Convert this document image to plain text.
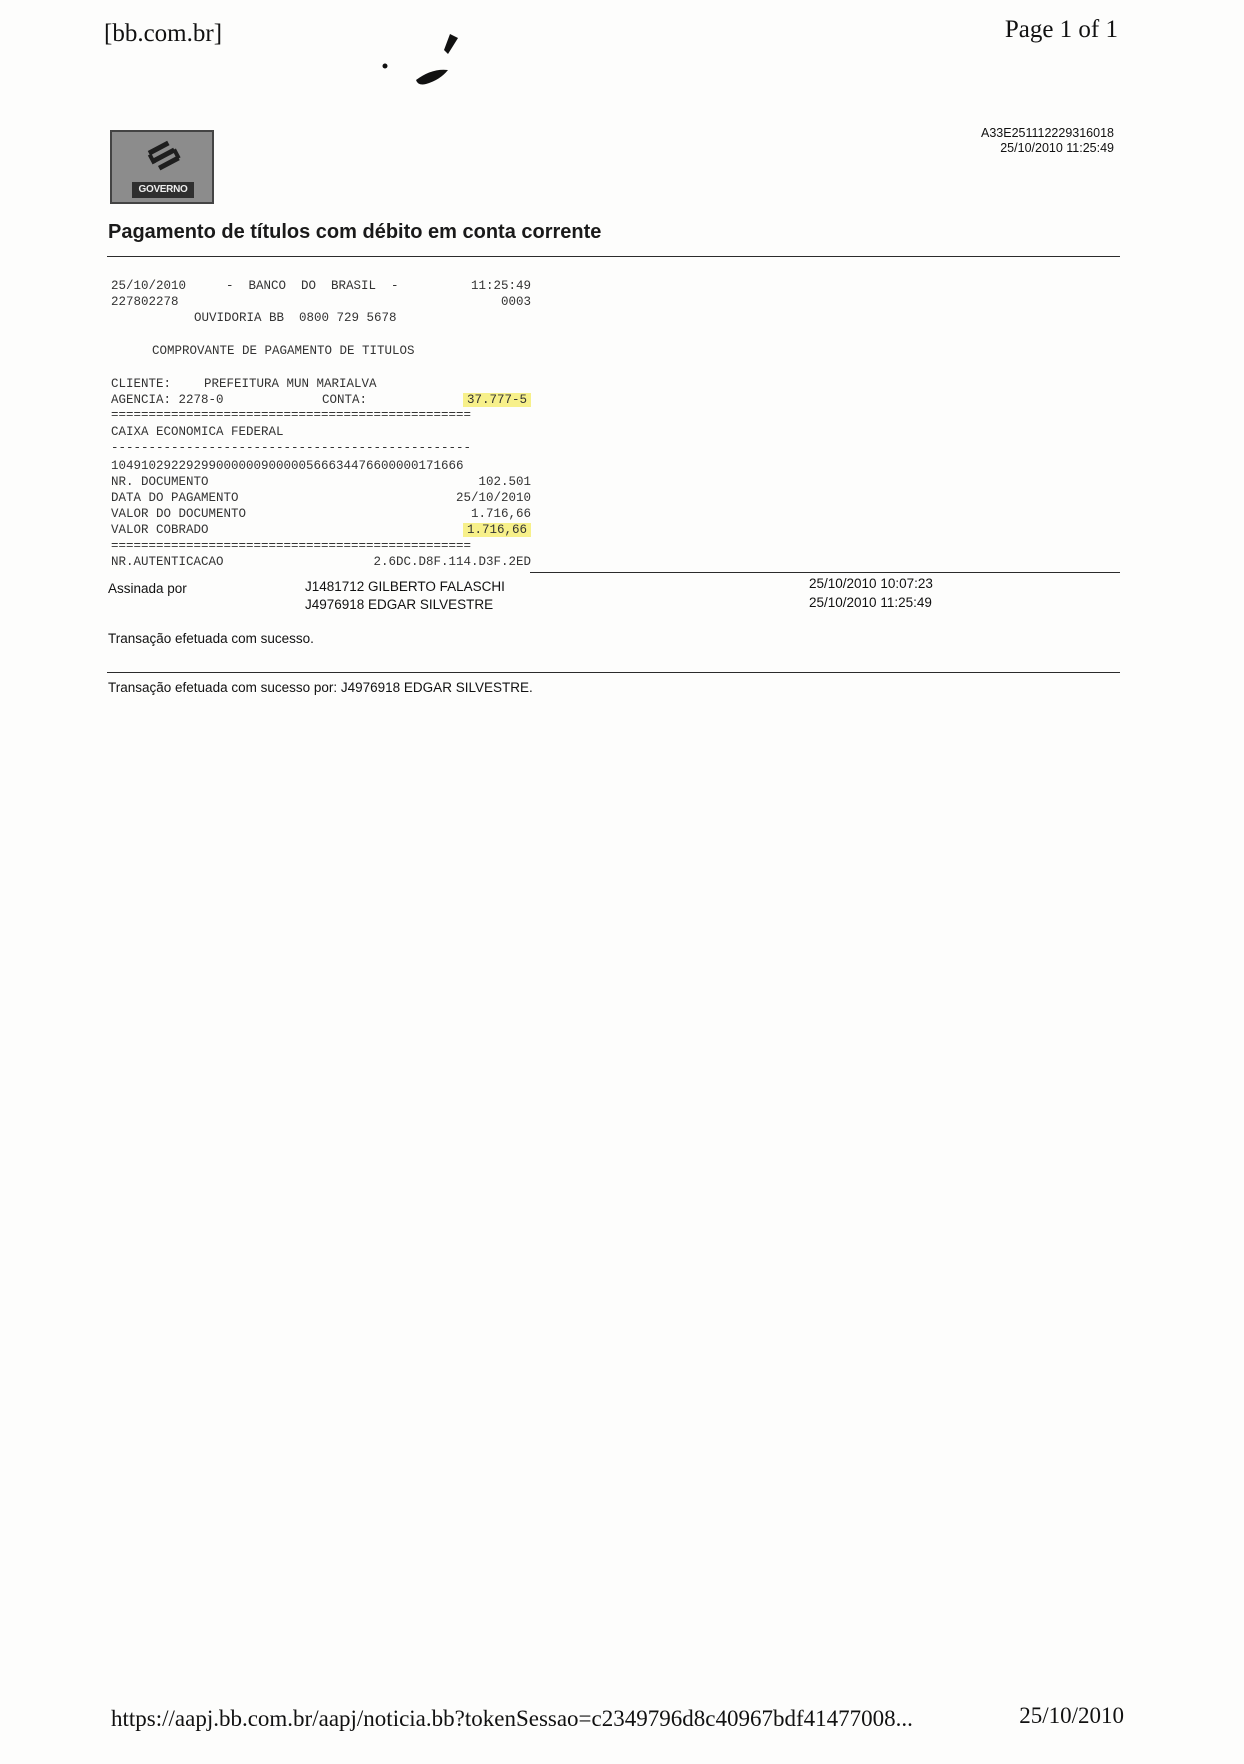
[bb.com.br]	Page 1 of 1
A33E251112229316018
25/10/2010 11:25:49
GOVERNO
Pagamento de títulos com débito em conta corrente

25/10/2010

	-  BANCO  DO  BRASIL  -

	11:25:49

227802278

	0003

OUVIDORIA BB  0800 729 5678

COMPROVANTE DE PAGAMENTO DE TITULOS

CLIENTE:

	PREFEITURA MUN MARIALVA

AGENCIA: 2278-0

	CONTA:

	37.777-5

================================================

CAIXA ECONOMICA FEDERAL

------------------------------------------------

10491029229299000000900000566634476600000171666

NR. DOCUMENTO

	102.501

DATA DO PAGAMENTO

	25/10/2010

VALOR DO DOCUMENTO

	1.716,66

VALOR COBRADO

	1.716,66

================================================

NR.AUTENTICACAO

	2.6DC.D8F.114.D3F.2ED

Assinada por	J1481712 GILBERTO FALASCHI	25/10/2010 10:07:23
J4976918 EDGAR SILVESTRE	25/10/2010 11:25:49
Transação efetuada com sucesso.
Transação efetuada com sucesso por: J4976918 EDGAR SILVESTRE.
https://aapj.bb.com.br/aapj/noticia.bb?tokenSessao=c2349796d8c40967bdf41477008...	25/10/2010
